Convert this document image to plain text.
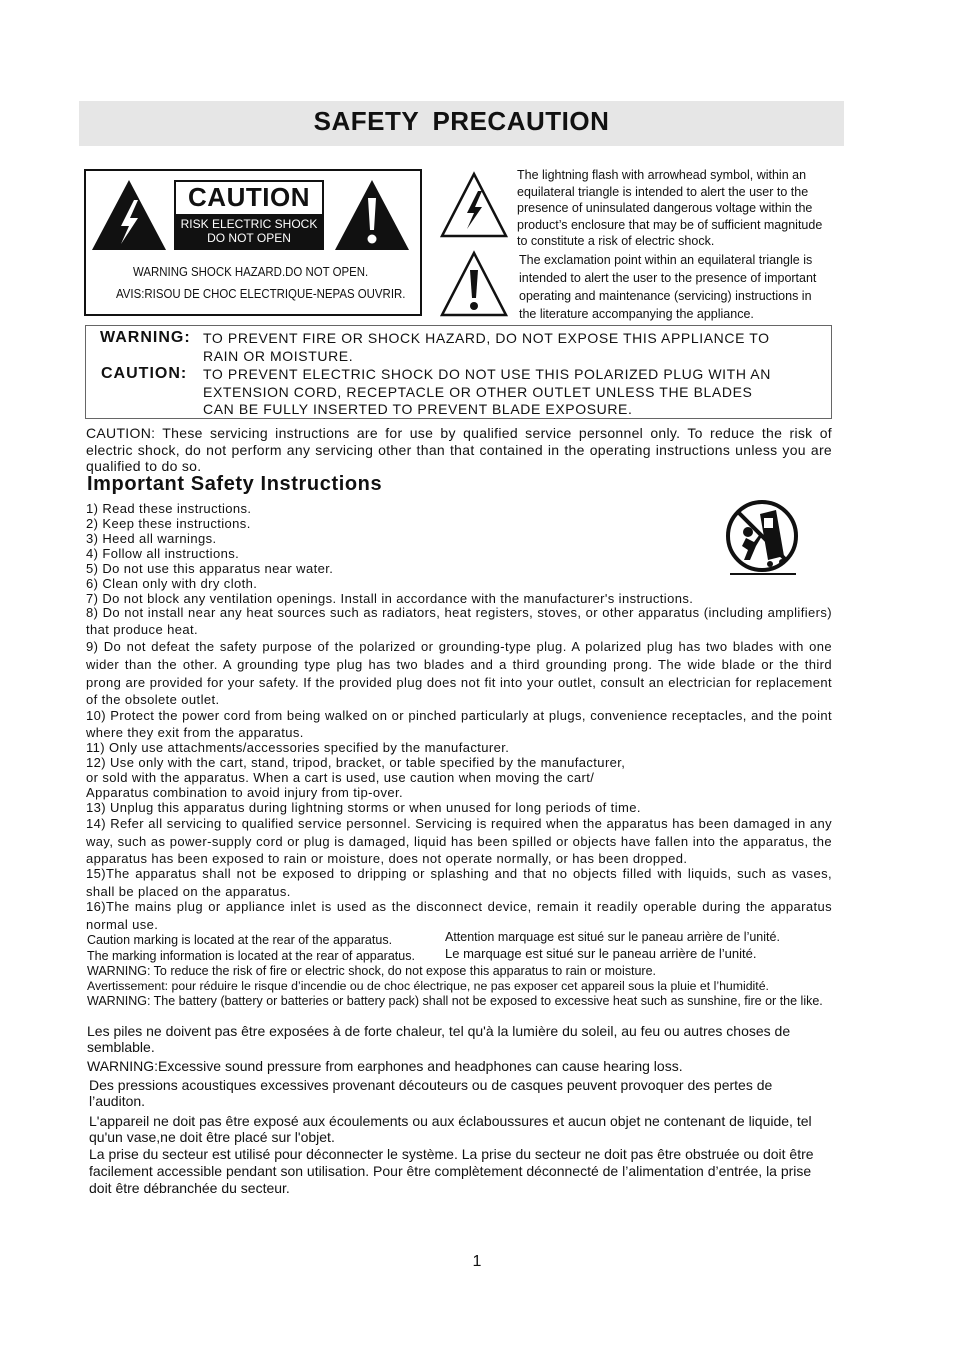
SAFETY PRECAUTION
CAUTION
RISK ELECTRIC SHOCK
DO NOT OPEN
WARNING SHOCK HAZARD.DO NOT OPEN.
AVIS:RISOU DE CHOC ELECTRIQUE-NEPAS OUVRIR.
The lightning flash with arrowhead symbol, within an
equilateral triangle is intended to alert the user to the
presence of uninsulated dangerous voltage within the
product’s enclosure that may be of sufficient magnitude
to constitute a risk of electric shock.
The exclamation point within an equilateral triangle is
intended to alert the user to the presence of important
operating and maintenance (servicing) instructions in
the literature accompanying the appliance.
WARNING: TO PREVENT FIRE OR SHOCK HAZARD, DO NOT EXPOSE THIS APPLIANCE TO
RAIN OR MOISTURE.
CAUTION: TO PREVENT ELECTRIC SHOCK DO NOT USE THIS POLARIZED PLUG WITH AN
EXTENSION CORD, RECEPTACLE OR OTHER OUTLET UNLESS THE BLADES
CAN BE FULLY INSERTED TO PREVENT BLADE EXPOSURE.
CAUTION: These servicing instructions are for use by qualified service personnel only. To reduce the risk of electric shock, do not perform any servicing other than that contained in the operating instructions unless you are qualified to do so.
Important Safety Instructions
1) Read these instructions.
2) Keep these instructions.
3) Heed all warnings.
4) Follow all instructions.
5) Do not use this apparatus near water.
6) Clean only with dry cloth.
7) Do not block any ventilation openings. Install in accordance with the manufacturer's instructions.
8) Do not install near any heat sources such as radiators, heat registers, stoves, or other apparatus (including amplifiers) that produce heat.
9) Do not defeat the safety purpose of the polarized or grounding-type plug. A polarized plug has two blades with one wider than the other. A grounding type plug has two blades and a third grounding prong. The wide blade or the third prong are provided for your safety. If the provided plug does not fit into your outlet, consult an electrician for replacement of the obsolete outlet.
10) Protect the power cord from being walked on or pinched particularly at plugs, convenience receptacles, and the point where they exit from the apparatus.
11) Only use attachments/accessories specified by the manufacturer.
12) Use only with the cart, stand, tripod, bracket, or table specified by the manufacturer,
or sold with the apparatus. When a cart is used, use caution when moving the cart/
Apparatus combination to avoid injury from tip-over.
13) Unplug this apparatus during lightning storms or when unused for long periods of time.
14) Refer all servicing to qualified service personnel. Servicing is required when the apparatus has been damaged in any way, such as power-supply cord or plug is damaged, liquid has been spilled or objects have fallen into the apparatus, the apparatus has been exposed to rain or moisture, does not operate normally, or has been dropped.
15)The apparatus shall not be exposed to dripping or splashing and that no objects filled with liquids, such as vases, shall be placed on the apparatus.
16)The mains plug or appliance inlet is used as the disconnect device, remain it readily operable during the apparatus normal use.
Caution marking is located at the rear of the apparatus.	Attention marquage est situé sur le paneau arrière de l’unité.
The marking information is located at the rear of apparatus. Le marquage est situé sur le paneau arrière de l’unité.
WARNING: To reduce the risk of fire or electric shock, do not expose this apparatus to rain or moisture.
Avertissement: pour réduire le risque d’incendie ou de choc électrique, ne pas exposer cet appareil sous la pluie et l’humidité.
WARNING: The battery (battery or batteries or battery pack) shall not be exposed to excessive heat such as sunshine, fire or the like.
Les piles ne doivent pas être exposées à de forte chaleur, tel qu'à la lumière du soleil, au feu ou autres choses de semblable.
WARNING:Excessive sound pressure from earphones and headphones can cause hearing loss.
Des pressions acoustiques excessives provenant découteurs ou de casques peuvent provoquer des pertes de l’auditon.
L'appareil ne doit pas être exposé aux écoulements ou aux éclaboussures et aucun objet ne contenant de liquide, tel qu'un vase,ne doit être placé sur l'objet.
La prise du secteur est utilisé pour déconnecter le système. La prise du secteur ne doit pas être obstruée ou doit être facilement accessible pendant son utilisation. Pour être complètement déconnecté de l’alimentation d’entrée, la prise doit être débranchée du secteur.
1
